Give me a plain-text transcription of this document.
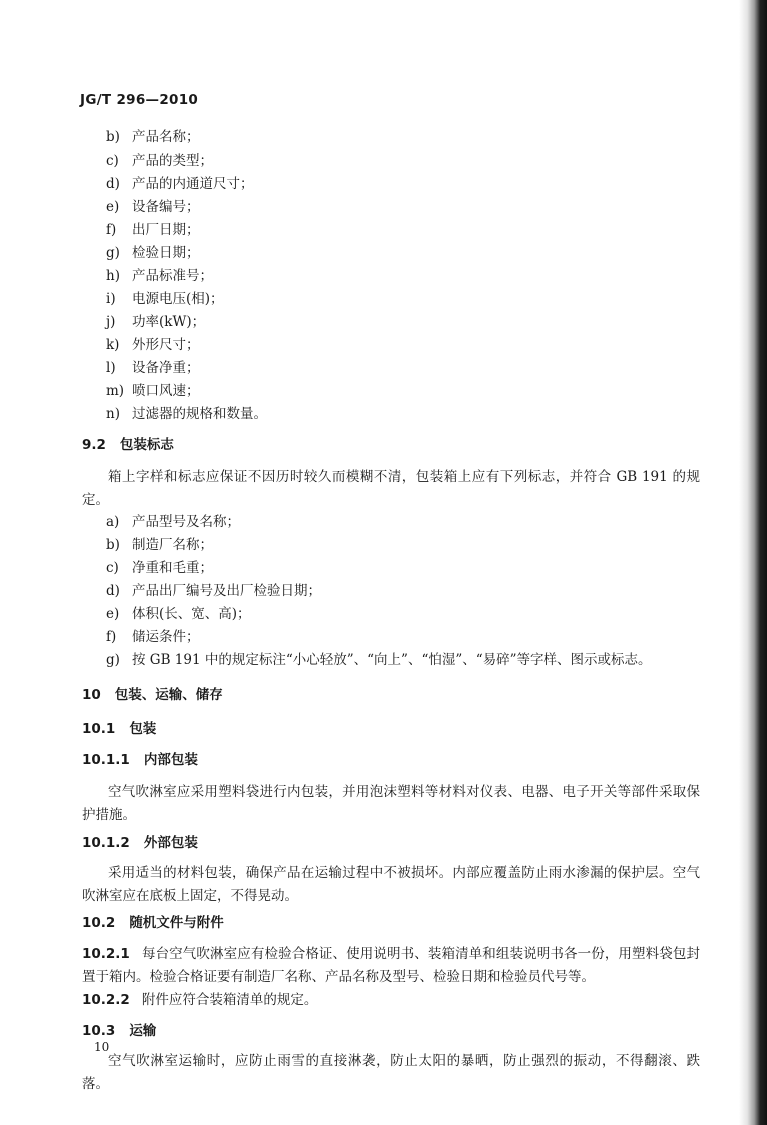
JG/T 296—2010
b) 产品名称；
c) 产品的类型；
d) 产品的内通道尺寸；
e) 设备编号；
f) 出厂日期；
g) 检验日期；
h) 产品标准号；
i) 电源电压(相)；
j) 功率(kW)；
k) 外形尺寸；
l) 设备净重；
m) 喷口风速；
n) 过滤器的规格和数量。
9.2 包装标志
箱上字样和标志应保证不因历时较久而模糊不清，包装箱上应有下列标志，并符合 GB 191 的规定。
a) 产品型号及名称；
b) 制造厂名称；
c) 净重和毛重；
d) 产品出厂编号及出厂检验日期；
e) 体积(长、宽、高)；
f) 储运条件；
g) 按 GB 191 中的规定标注“小心轻放”、“向上”、“怕湿”、“易碎”等字样、图示或标志。
10 包装、运输、储存
10.1 包装
10.1.1 内部包装
空气吹淋室应采用塑料袋进行内包装，并用泡沫塑料等材料对仪表、电器、电子开关等部件采取保护措施。
10.1.2 外部包装
采用适当的材料包装，确保产品在运输过程中不被损坏。内部应覆盖防止雨水渗漏的保护层。空气吹淋室应在底板上固定，不得晃动。
10.2 随机文件与附件
10.2.1 每台空气吹淋室应有检验合格证、使用说明书、装箱清单和组装说明书各一份，用塑料袋包封置于箱内。检验合格证要有制造厂名称、产品名称及型号、检验日期和检验员代号等。
10.2.2 附件应符合装箱清单的规定。
10.3 运输
空气吹淋室运输时，应防止雨雪的直接淋袭，防止太阳的暴晒，防止强烈的振动，不得翻滚、跌落。
10
